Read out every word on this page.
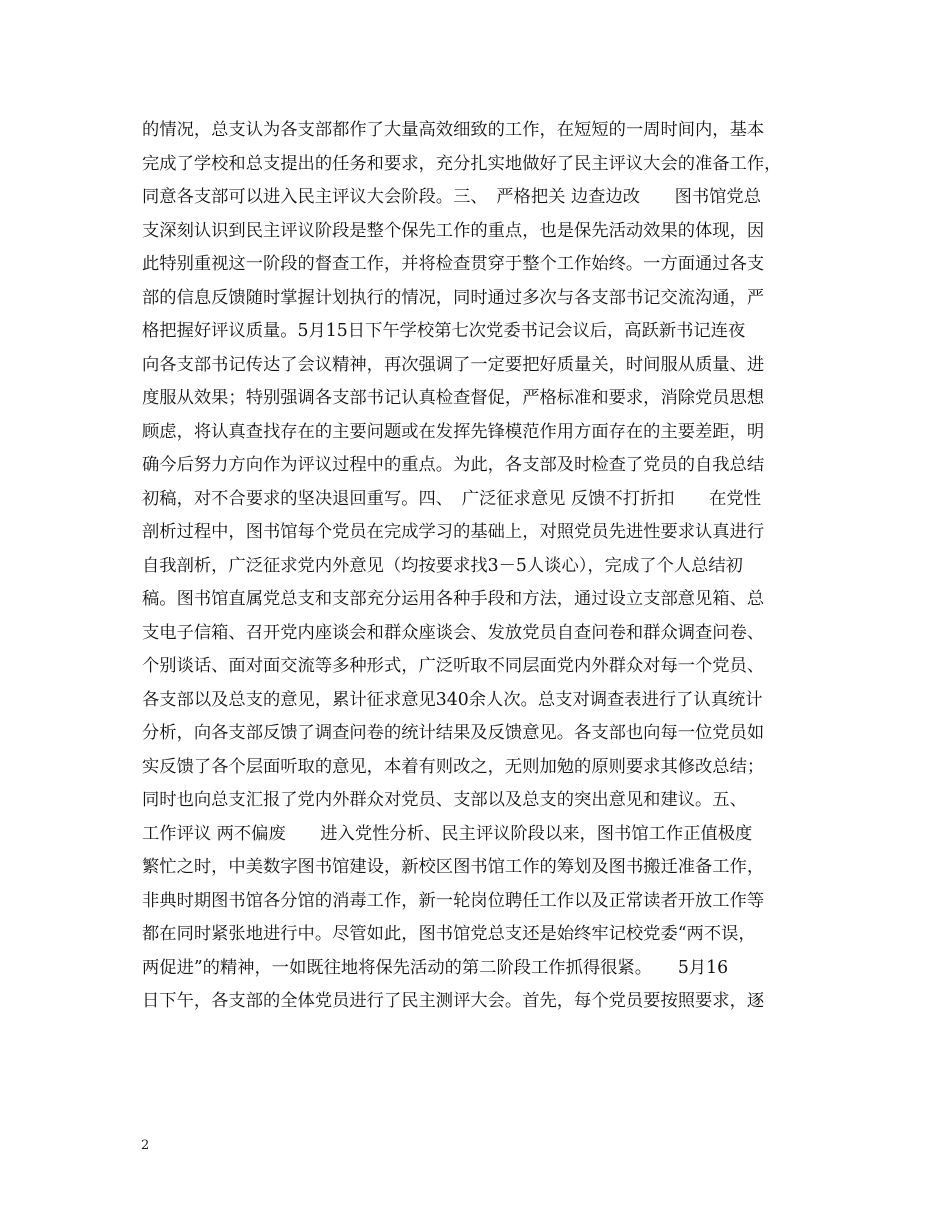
的情况，总支认为各支部都作了大量高效细致的工作，在短短的一周时间内，基本
完成了学校和总支提出的任务和要求，充分扎实地做好了民主评议大会的准备工作，
同意各支部可以进入民主评议大会阶段。三、　严格把关 边查边改　　图书馆党总
支深刻认识到民主评议阶段是整个保先工作的重点，也是保先活动效果的体现，因
此特别重视这一阶段的督查工作，并将检查贯穿于整个工作始终。一方面通过各支
部的信息反馈随时掌握计划执行的情况，同时通过多次与各支部书记交流沟通，严
格把握好评议质量。5月15日下午学校第七次党委书记会议后，高跃新书记连夜
向各支部书记传达了会议精神，再次强调了一定要把好质量关，时间服从质量、进
度服从效果；特别强调各支部书记认真检查督促，严格标准和要求，消除党员思想
顾虑，将认真查找存在的主要问题或在发挥先锋模范作用方面存在的主要差距，明
确今后努力方向作为评议过程中的重点。为此，各支部及时检查了党员的自我总结
初稿，对不合要求的坚决退回重写。四、　广泛征求意见 反馈不打折扣　　在党性
剖析过程中，图书馆每个党员在完成学习的基础上，对照党员先进性要求认真进行
自我剖析，广泛征求党内外意见（均按要求找3－5人谈心），完成了个人总结初
稿。图书馆直属党总支和支部充分运用各种手段和方法，通过设立支部意见箱、总
支电子信箱、召开党内座谈会和群众座谈会、发放党员自查问卷和群众调查问卷、
个别谈话、面对面交流等多种形式，广泛听取不同层面党内外群众对每一个党员、
各支部以及总支的意见，累计征求意见340余人次。总支对调查表进行了认真统计
分析，向各支部反馈了调查问卷的统计结果及反馈意见。各支部也向每一位党员如
实反馈了各个层面听取的意见，本着有则改之，无则加勉的原则要求其修改总结；
同时也向总支汇报了党内外群众对党员、支部以及总支的突出意见和建议。五、
工作评议 两不偏废　　进入党性分析、民主评议阶段以来，图书馆工作正值极度
繁忙之时，中美数字图书馆建设，新校区图书馆工作的筹划及图书搬迁准备工作，
非典时期图书馆各分馆的消毒工作，新一轮岗位聘任工作以及正常读者开放工作等
都在同时紧张地进行中。尽管如此，图书馆党总支还是始终牢记校党委“两不误，
两促进”的精神，一如既往地将保先活动的第二阶段工作抓得很紧。　　5月16
日下午，各支部的全体党员进行了民主测评大会。首先，每个党员要按照要求，逐
2
